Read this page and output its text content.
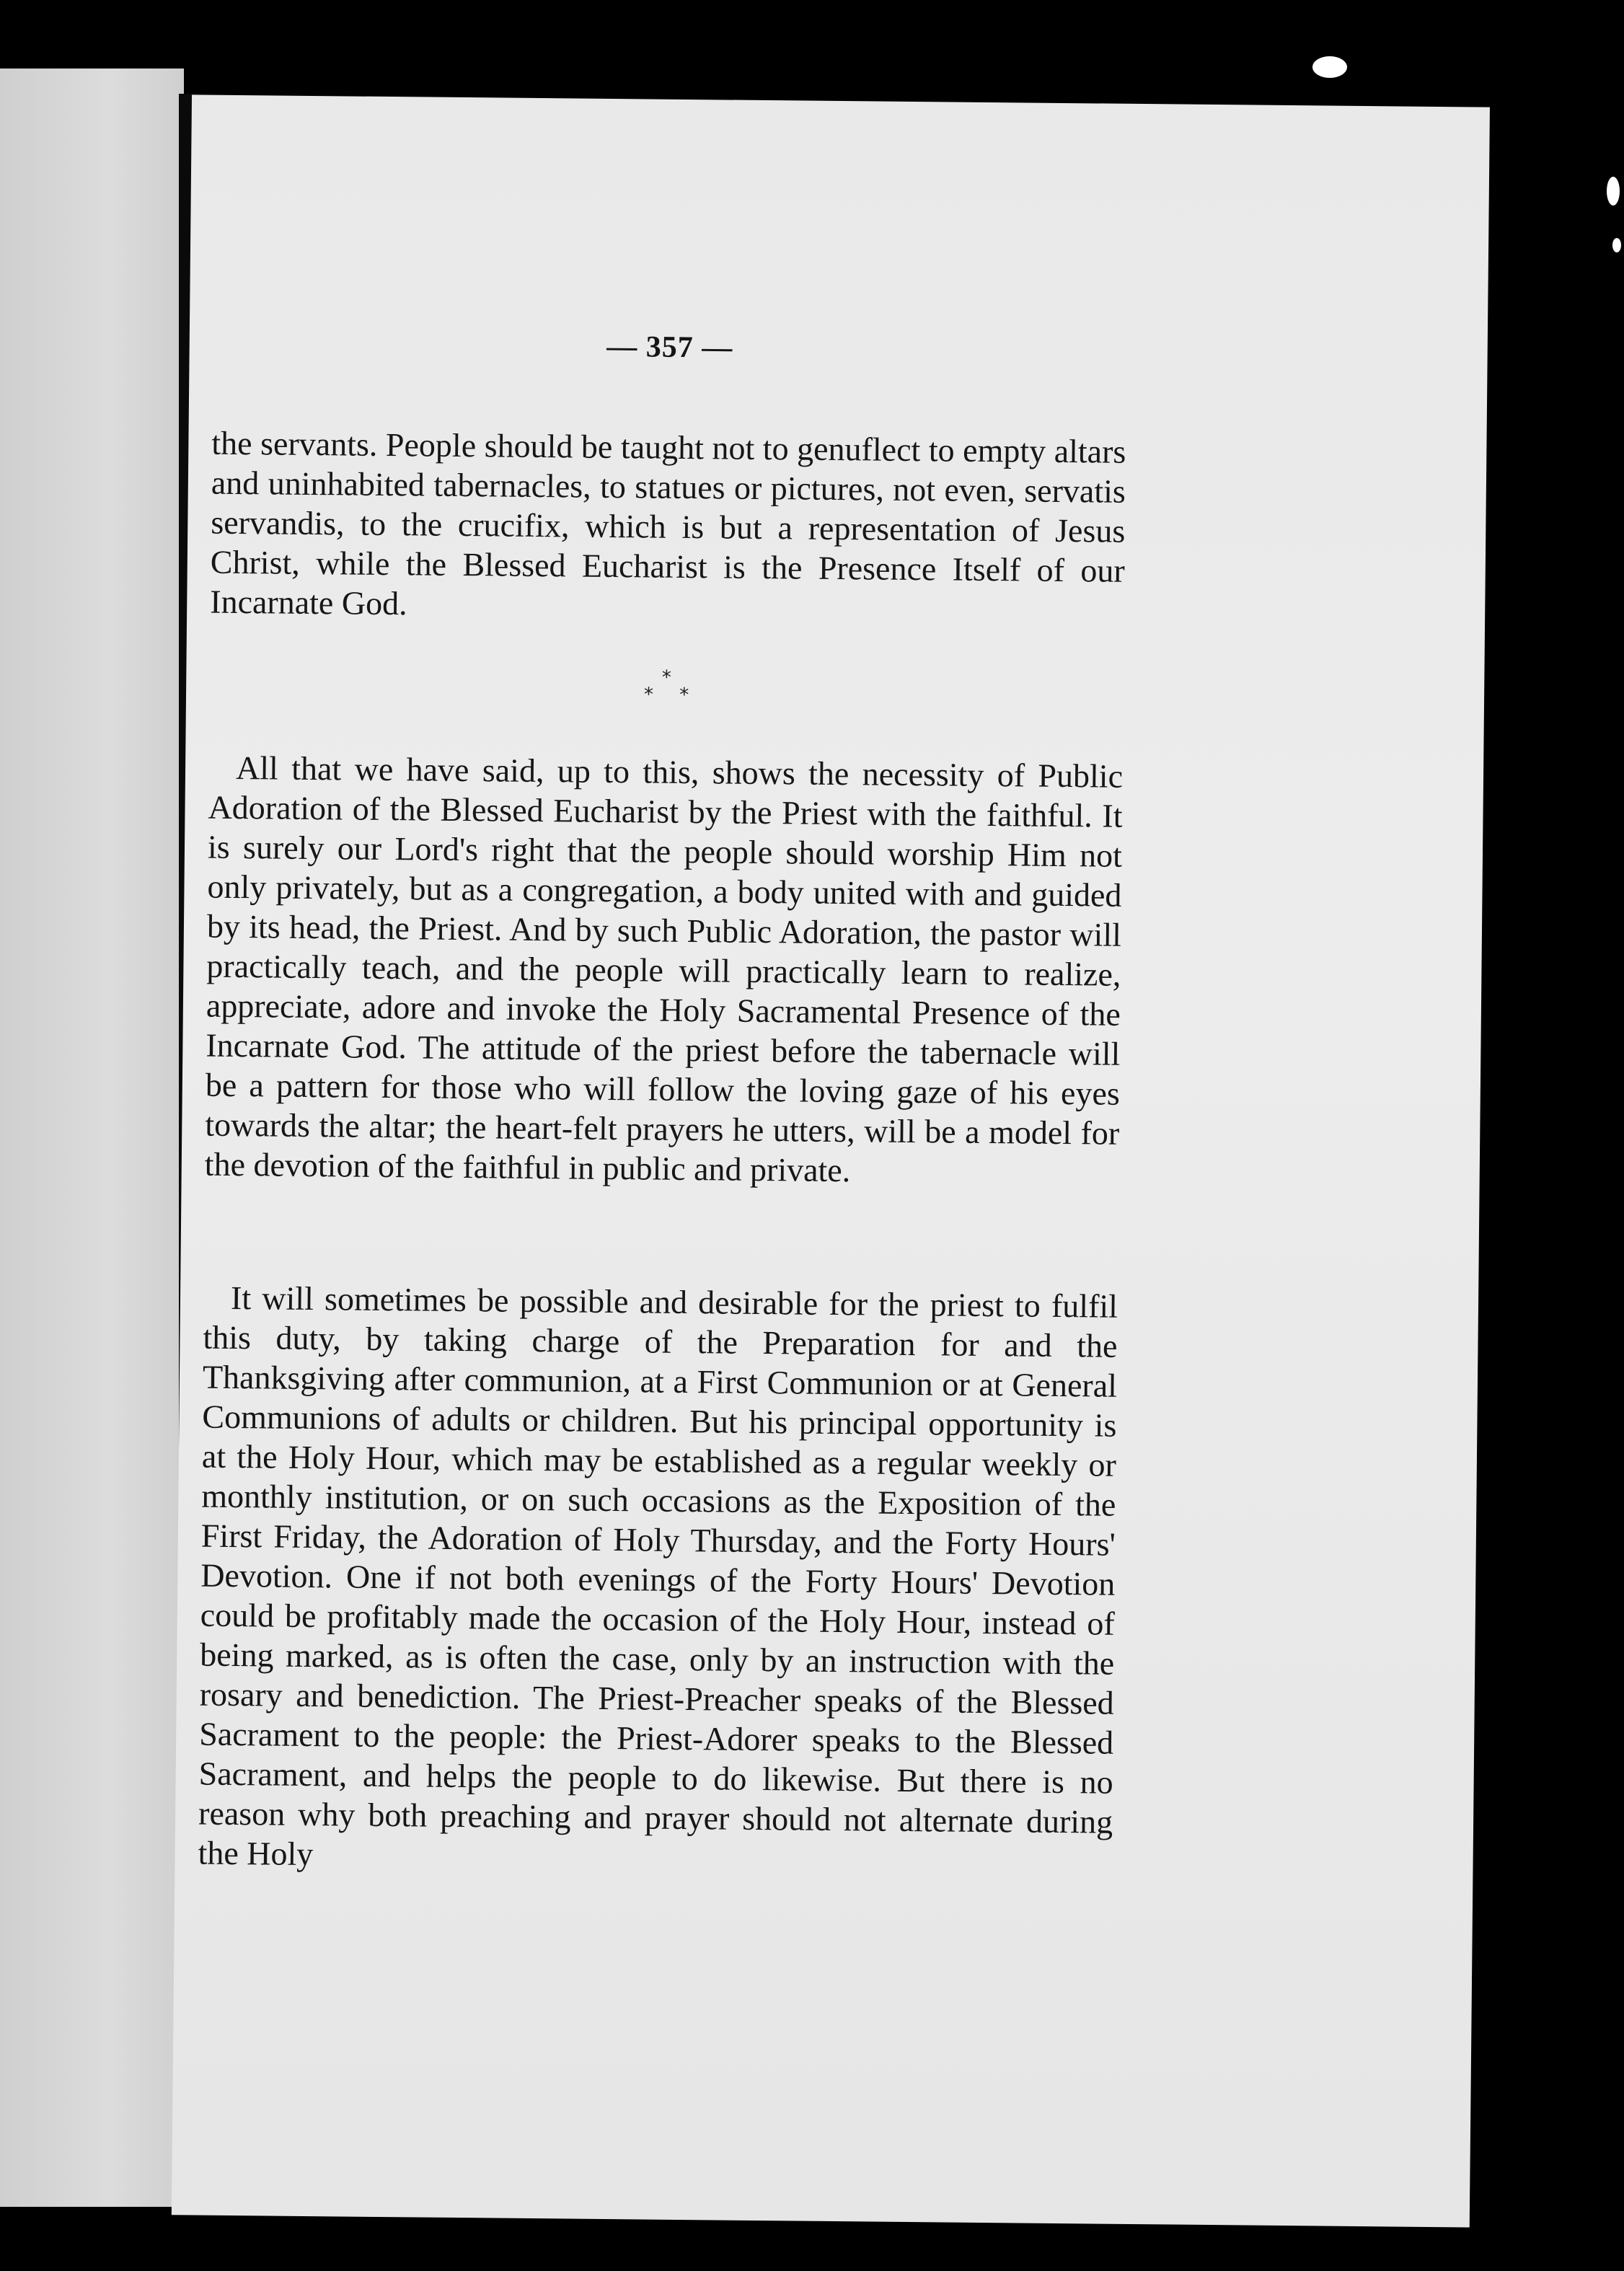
— 357 —

the servants. People should be taught not to genuflect to empty altars and uninhabited tabernacles, to statues or pictures, not even, servatis servandis, to the crucifix, which is but a representation of Jesus Christ, while the Blessed Eucharist is the Presence Itself of our Incarnate God.

*
* *

All that we have said, up to this, shows the necessity of Public Adoration of the Blessed Eucharist by the Priest with the faithful. It is surely our Lord's right that the people should worship Him not only privately, but as a congregation, a body united with and guided by its head, the Priest. And by such Public Adoration, the pastor will practically teach, and the people will practically learn to realize, appreciate, adore and invoke the Holy Sacramental Presence of the Incarnate God. The attitude of the priest before the tabernacle will be a pattern for those who will follow the loving gaze of his eyes towards the altar; the heart-felt prayers he utters, will be a model for the devotion of the faithful in public and private.

It will sometimes be possible and desirable for the priest to fulfil this duty, by taking charge of the Preparation for and the Thanksgiving after communion, at a First Communion or at General Communions of adults or children. But his principal opportunity is at the Holy Hour, which may be established as a regular weekly or monthly institution, or on such occasions as the Exposition of the First Friday, the Adoration of Holy Thursday, and the Forty Hours' Devotion. One if not both evenings of the Forty Hours' Devotion could be profitably made the occasion of the Holy Hour, instead of being marked, as is often the case, only by an instruction with the rosary and benediction. The Priest-Preacher speaks of the Blessed Sacrament to the people: the Priest-Adorer speaks to the Blessed Sacrament, and helps the people to do likewise. But there is no reason why both preaching and prayer should not alternate during the Holy
